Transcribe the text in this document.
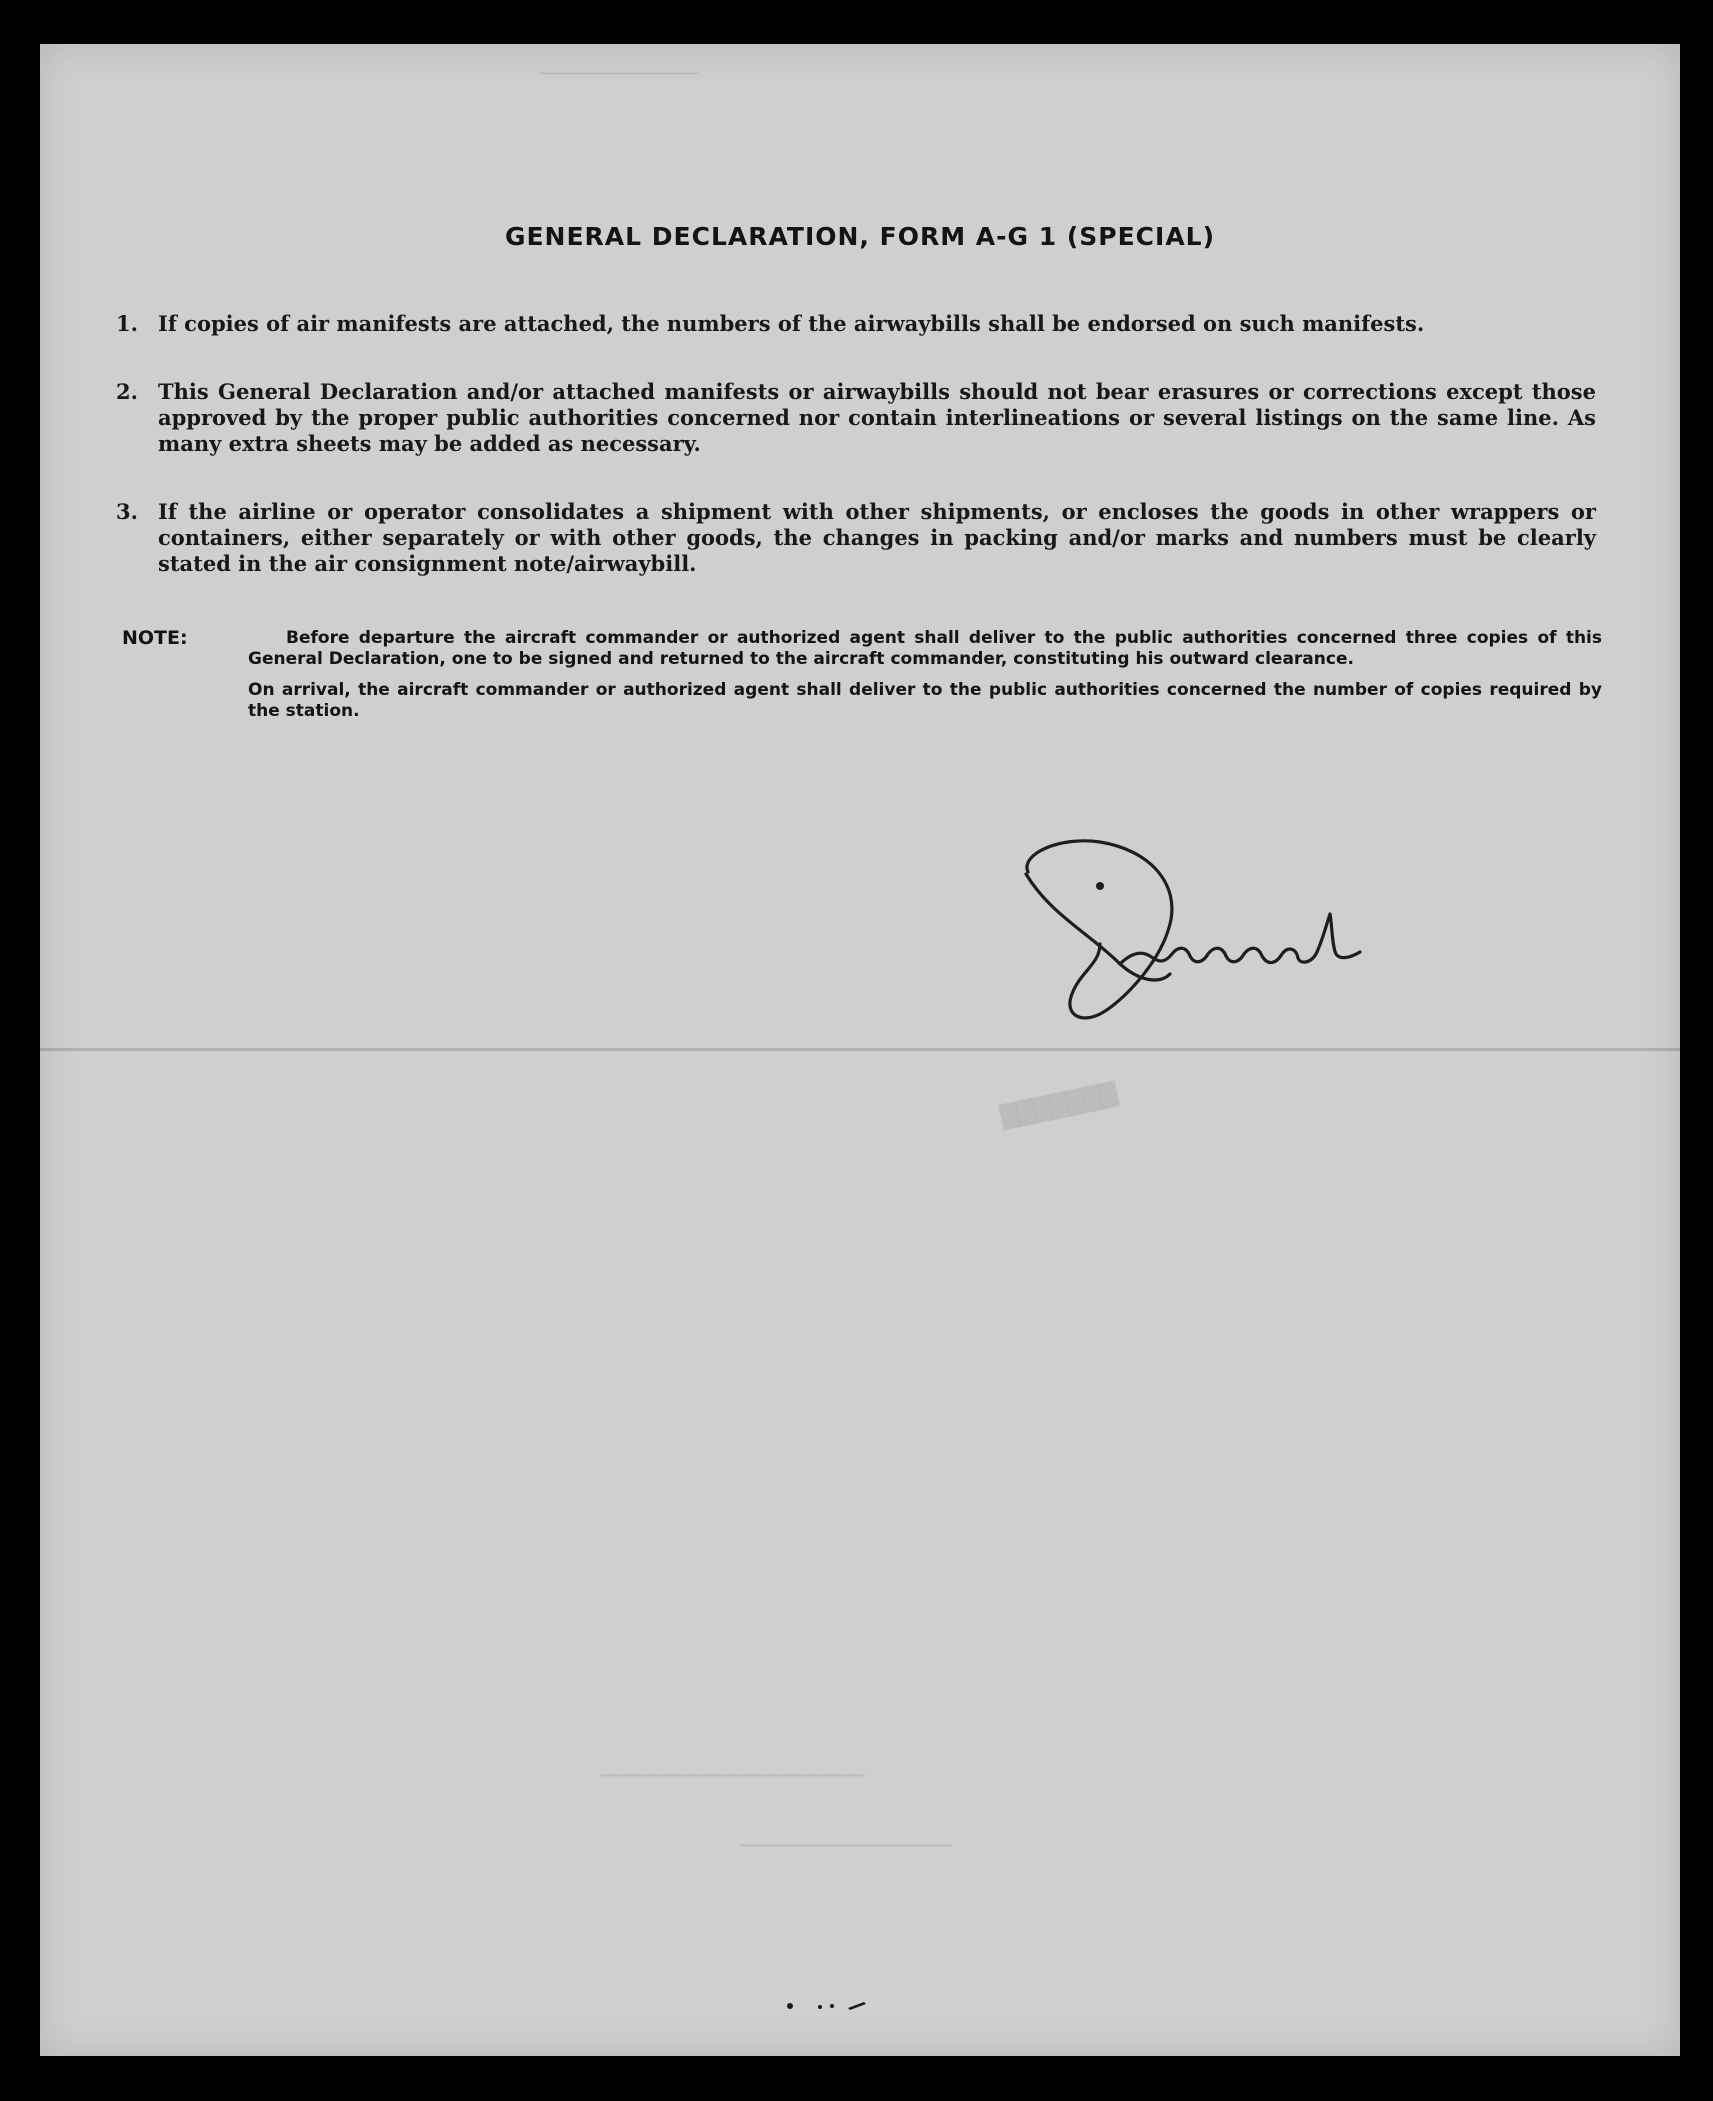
────────────
███████
────────────────────
────────────────
GENERAL DECLARATION, FORM A-G 1 (SPECIAL)
1. If copies of air manifests are attached, the numbers of the airwaybills shall be endorsed on such manifests.
2. This General Declaration and/or attached manifests or airwaybills should not bear erasures or corrections except those approved by the proper public authorities concerned nor contain interlineations or several listings on the same line. As many extra sheets may be added as necessary.
3. If the airline or operator consolidates a shipment with other shipments, or encloses the goods in other wrappers or containers, either separately or with other goods, the changes in packing and/or marks and numbers must be clearly stated in the air consignment note/airwaybill.
NOTE:	Before departure the aircraft commander or authorized agent shall deliver to the public authorities concerned three copies of this General Declaration, one to be signed and returned to the aircraft commander, constituting his outward clearance.
On arrival, the aircraft commander or authorized agent shall deliver to the public authorities concerned the number of copies required by the station.
